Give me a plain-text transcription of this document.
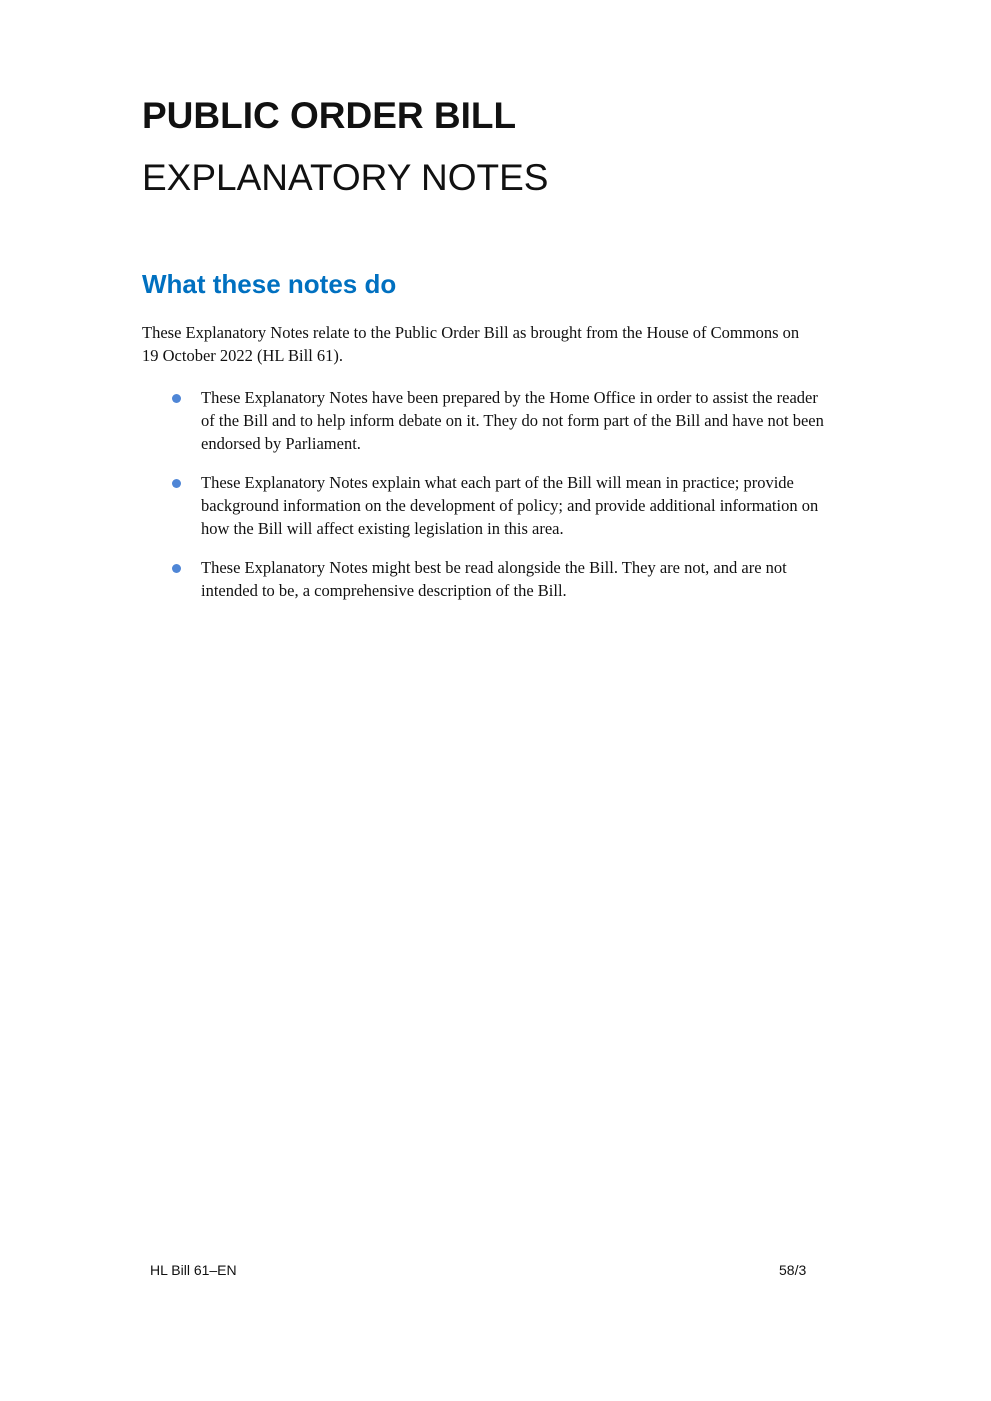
PUBLIC ORDER BILL
EXPLANATORY NOTES
What these notes do

These Explanatory Notes relate to the Public Order Bill as brought from the House of Commons on
19 October 2022 (HL Bill 61).

These Explanatory Notes have been prepared by the Home Office in order to assist the reader
of the Bill and to help inform debate on it. They do not form part of the Bill and have not been
endorsed by Parliament.
These Explanatory Notes explain what each part of the Bill will mean in practice; provide
background information on the development of policy; and provide additional information on
how the Bill will affect existing legislation in this area.
These Explanatory Notes might best be read alongside the Bill. They are not, and are not
intended to be, a comprehensive description of the Bill.
HL Bill 61–EN	58/3
